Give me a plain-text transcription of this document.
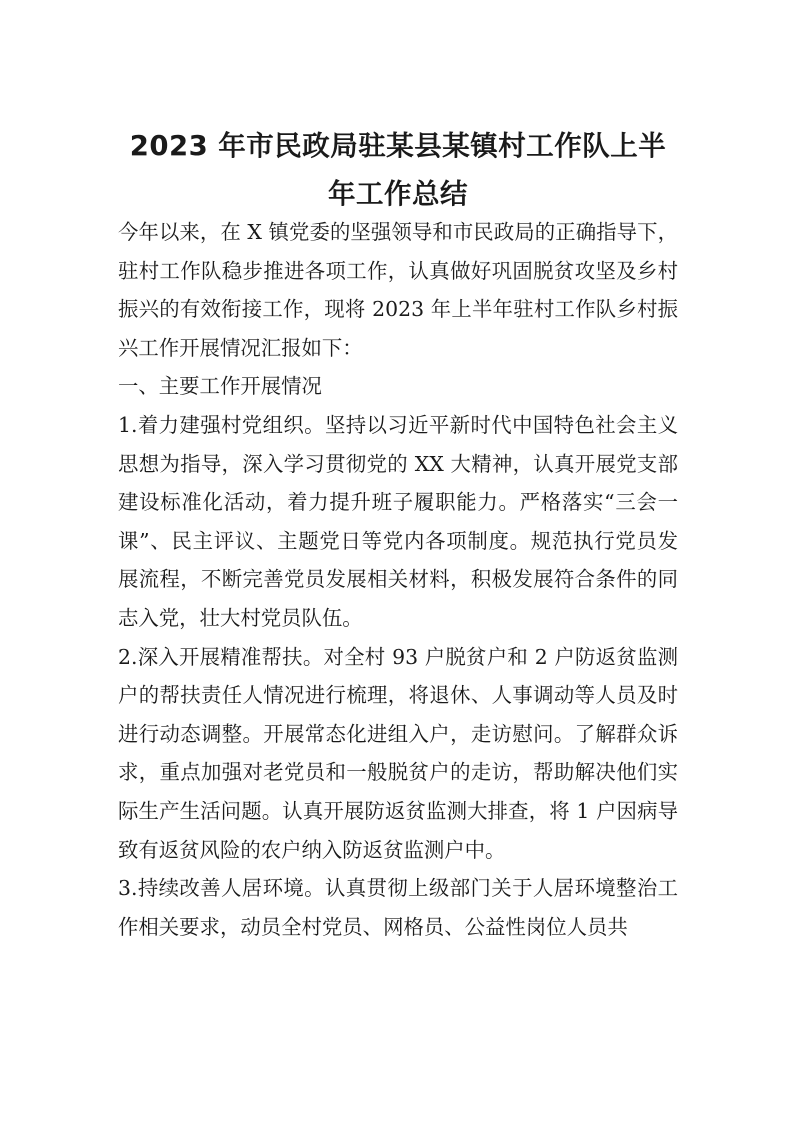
2023 年市民政局驻某县某镇村工作队上半年工作总结

今年以来，在 X 镇党委的坚强领导和市民政局的正确指导下，驻村工作队稳步推进各项工作，认真做好巩固脱贫攻坚及乡村振兴的有效衔接工作，现将 2023 年上半年驻村工作队乡村振兴工作开展情况汇报如下：

一、主要工作开展情况

1.着力建强村党组织。坚持以习近平新时代中国特色社会主义思想为指导，深入学习贯彻党的 XX 大精神，认真开展党支部建设标准化活动，着力提升班子履职能力。严格落实“三会一课”、民主评议、主题党日等党内各项制度。规范执行党员发展流程，不断完善党员发展相关材料，积极发展符合条件的同志入党，壮大村党员队伍。

2.深入开展精准帮扶。对全村 93 户脱贫户和 2 户防返贫监测户的帮扶责任人情况进行梳理，将退休、人事调动等人员及时进行动态调整。开展常态化进组入户，走访慰问。了解群众诉求，重点加强对老党员和一般脱贫户的走访，帮助解决他们实际生产生活问题。认真开展防返贫监测大排查，将 1 户因病导致有返贫风险的农户纳入防返贫监测户中。

3.持续改善人居环境。认真贯彻上级部门关于人居环境整治工作相关要求，动员全村党员、网格员、公益性岗位人员共
